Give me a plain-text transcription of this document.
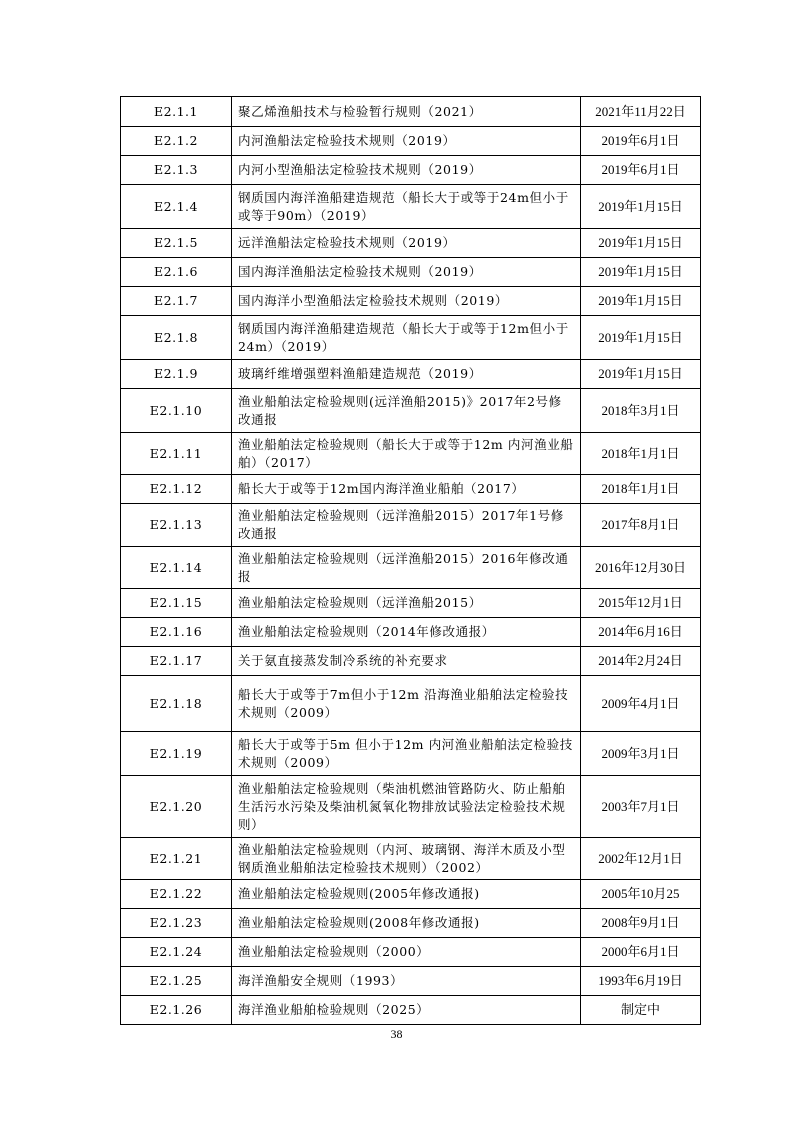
E2.1.1	聚乙烯渔船技术与检验暂行规则（2021）	2021年11月22日
E2.1.2	内河渔船法定检验技术规则（2019）	2019年6月1日
E2.1.3	内河小型渔船法定检验技术规则（2019）	2019年6月1日
E2.1.4	钢质国内海洋渔船建造规范（船长大于或等于24m但小于或等于90m）（2019）	2019年1月15日
E2.1.5	远洋渔船法定检验技术规则（2019）	2019年1月15日
E2.1.6	国内海洋渔船法定检验技术规则（2019）	2019年1月15日
E2.1.7	国内海洋小型渔船法定检验技术规则（2019）	2019年1月15日
E2.1.8	钢质国内海洋渔船建造规范（船长大于或等于12m但小于24m）（2019）	2019年1月15日
E2.1.9	玻璃纤维增强塑料渔船建造规范（2019）	2019年1月15日
E2.1.10	渔业船舶法定检验规则(远洋渔船2015)》2017年2号修改通报	2018年3月1日
E2.1.11	渔业船舶法定检验规则（船长大于或等于12m 内河渔业船舶）（2017）	2018年1月1日
E2.1.12	船长大于或等于12m国内海洋渔业船舶（2017）	2018年1月1日
E2.1.13	渔业船舶法定检验规则（远洋渔船2015）2017年1号修改通报	2017年8月1日
E2.1.14	渔业船舶法定检验规则（远洋渔船2015）2016年修改通报	2016年12月30日
E2.1.15	渔业船舶法定检验规则（远洋渔船2015）	2015年12月1日
E2.1.16	渔业船舶法定检验规则（2014年修改通报）	2014年6月16日
E2.1.17	关于氨直接蒸发制冷系统的补充要求	2014年2月24日
E2.1.18	船长大于或等于7m但小于12m 沿海渔业船舶法定检验技术规则（2009）	2009年4月1日
E2.1.19	船长大于或等于5m 但小于12m 内河渔业船舶法定检验技术规则（2009）	2009年3月1日
E2.1.20	渔业船舶法定检验规则（柴油机燃油管路防火、防止船舶生活污水污染及柴油机氮氧化物排放试验法定检验技术规则）	2003年7月1日
E2.1.21	渔业船舶法定检验规则（内河、玻璃钢、海洋木质及小型钢质渔业船舶法定检验技术规则）（2002）	2002年12月1日
E2.1.22	渔业船舶法定检验规则(2005年修改通报)	2005年10月25
E2.1.23	渔业船舶法定检验规则(2008年修改通报)	2008年9月1日
E2.1.24	渔业船舶法定检验规则（2000）	2000年6月1日
E2.1.25	海洋渔船安全规则（1993）	1993年6月19日
E2.1.26	海洋渔业船舶检验规则（2025）	制定中
38
